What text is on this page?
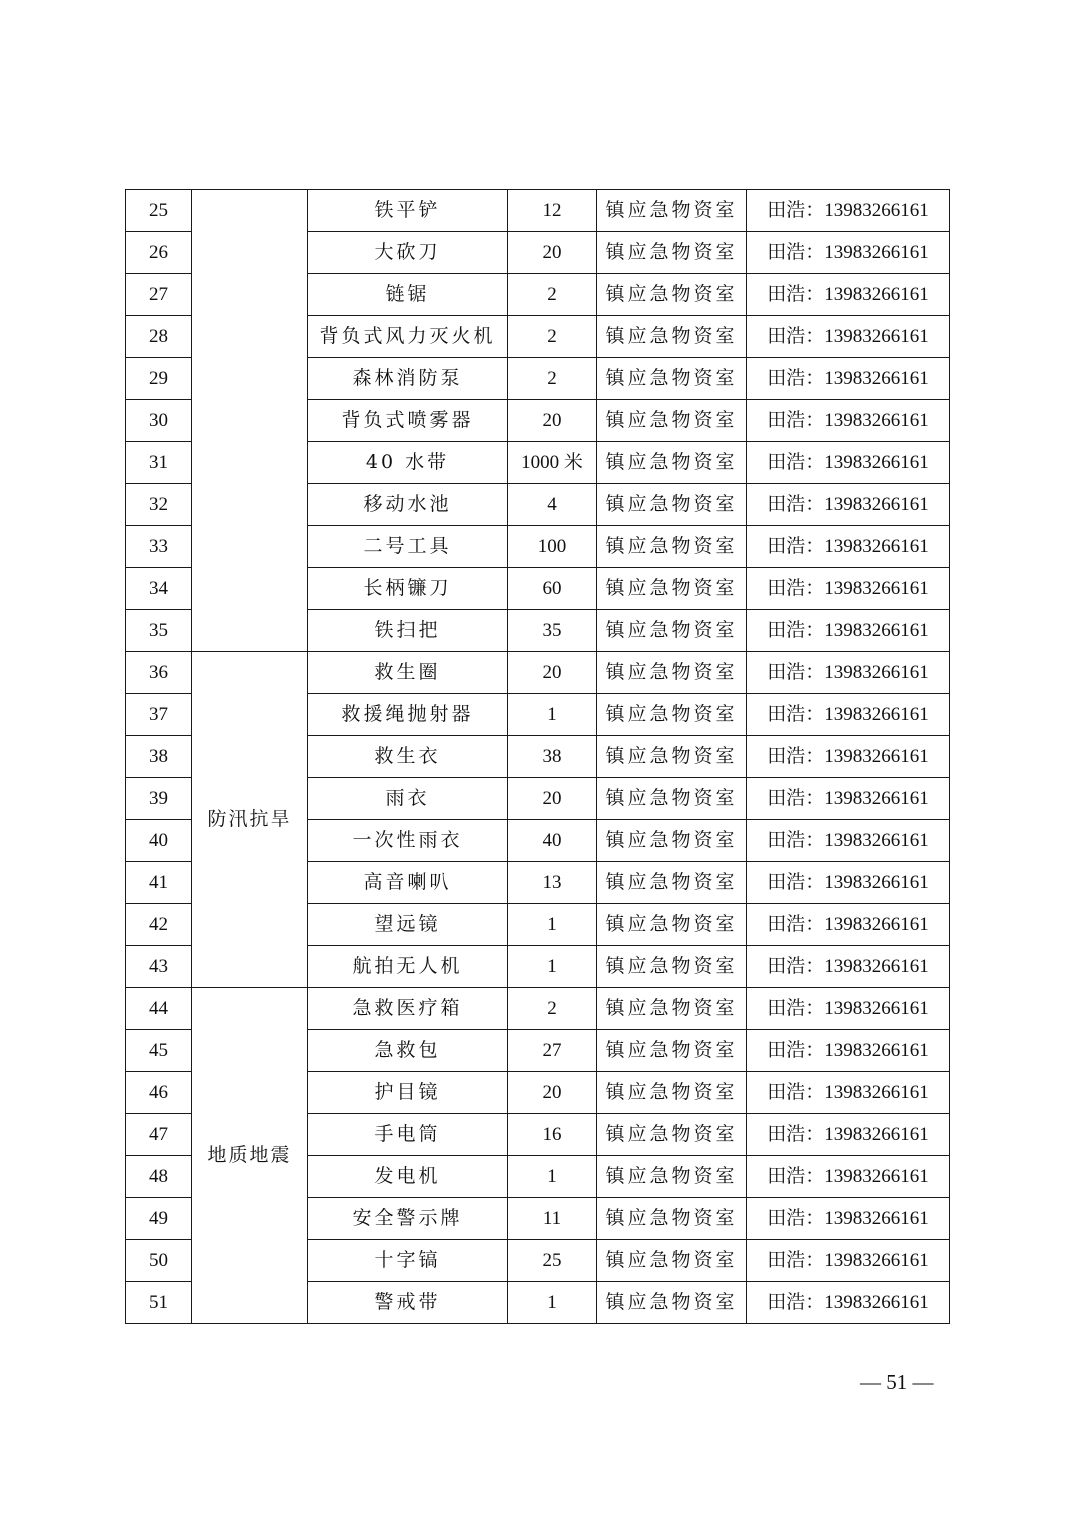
25		铁平铲	12	镇应急物资室	田浩：13983266161
26		大砍刀	20	镇应急物资室	田浩：13983266161
27		链锯	2	镇应急物资室	田浩：13983266161
28		背负式风力灭火机	2	镇应急物资室	田浩：13983266161
29		森林消防泵	2	镇应急物资室	田浩：13983266161
30		背负式喷雾器	20	镇应急物资室	田浩：13983266161
31		40 水带	1000 米	镇应急物资室	田浩：13983266161
32		移动水池	4	镇应急物资室	田浩：13983266161
33		二号工具	100	镇应急物资室	田浩：13983266161
34		长柄镰刀	60	镇应急物资室	田浩：13983266161
35		铁扫把	35	镇应急物资室	田浩：13983266161
36	防汛抗旱	救生圈	20	镇应急物资室	田浩：13983266161
37		救援绳抛射器	1	镇应急物资室	田浩：13983266161
38		救生衣	38	镇应急物资室	田浩：13983266161
39		雨衣	20	镇应急物资室	田浩：13983266161
40		一次性雨衣	40	镇应急物资室	田浩：13983266161
41		高音喇叭	13	镇应急物资室	田浩：13983266161
42		望远镜	1	镇应急物资室	田浩：13983266161
43		航拍无人机	1	镇应急物资室	田浩：13983266161
44	地质地震	急救医疗箱	2	镇应急物资室	田浩：13983266161
45		急救包	27	镇应急物资室	田浩：13983266161
46		护目镜	20	镇应急物资室	田浩：13983266161
47		手电筒	16	镇应急物资室	田浩：13983266161
48		发电机	1	镇应急物资室	田浩：13983266161
49		安全警示牌	11	镇应急物资室	田浩：13983266161
50		十字镐	25	镇应急物资室	田浩：13983266161
51		警戒带	1	镇应急物资室	田浩：13983266161
— 51 —
